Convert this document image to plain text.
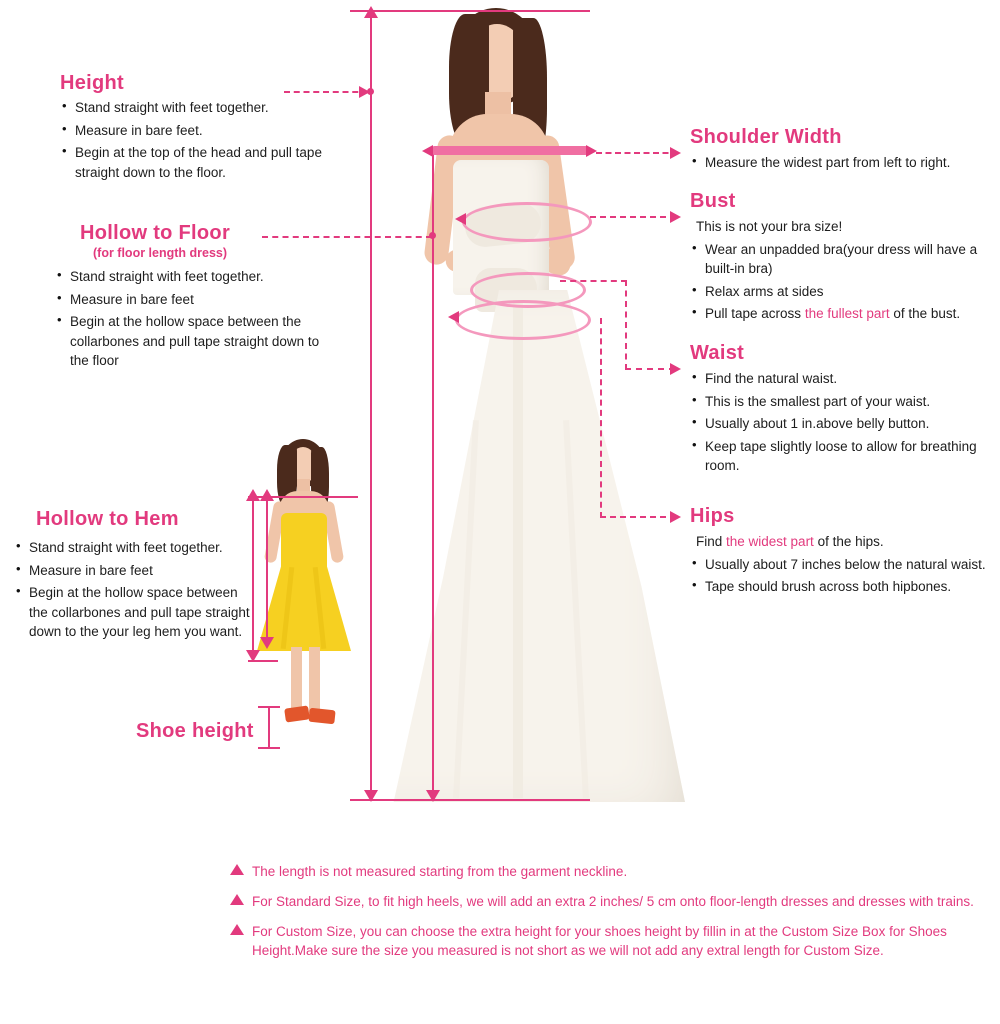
Height
• Stand straight with feet together.
• Measure in bare feet.
• Begin at the top of the head and pull tape straight down to the floor.
Hollow to Floor
(for floor length dress)
• Stand straight with feet together.
• Measure in bare feet
• Begin at the hollow space between the collarbones and pull tape straight down to the floor
Hollow to Hem
• Stand straight with feet together.
• Measure in bare feet
• Begin at the hollow space between the collarbones and pull tape straight down to the your leg hem you want.
Shoe height
Shoulder Width
• Measure the widest part from left to right.
Bust
This is not your bra size!
• Wear an unpadded bra(your dress will have a built-in bra)
• Relax arms at sides
• Pull tape across the fullest part of the bust.
Waist
• Find the natural waist.
• This is the smallest part of your waist.
• Usually about 1 in.above belly button.
• Keep tape slightly loose to allow for breathing room.
Hips
Find the widest part of the hips.
• Usually about 7 inches below the natural waist.
• Tape should brush across both hipbones.
The length is not measured starting from the garment neckline.
For Standard Size, to fit high heels, we will add an extra 2 inches/ 5 cm onto floor-length dresses and dresses with trains.
For Custom Size, you can choose the extra height for your shoes height by fillin in at the Custom Size Box for Shoes Height.Make sure the size you measured is not short as we will not add any extral length for Custom Size.
